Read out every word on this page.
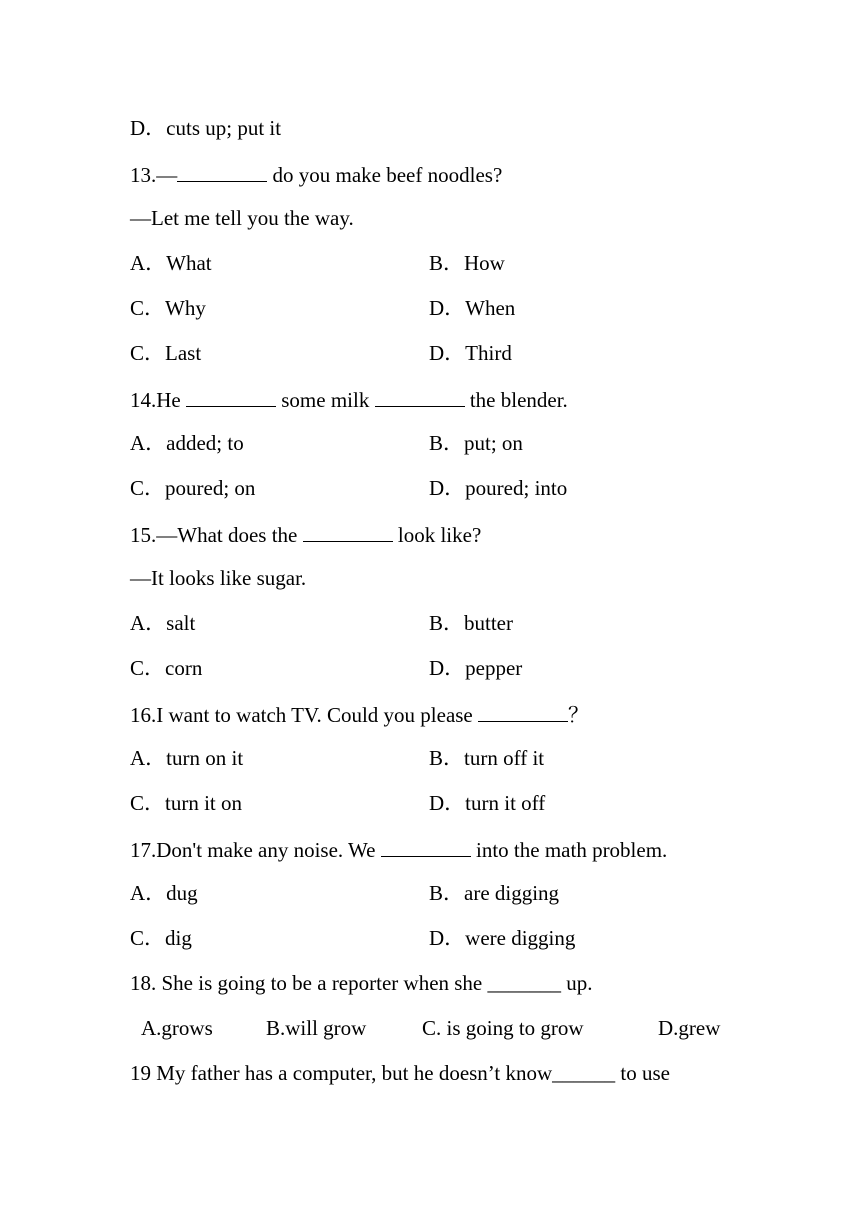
D．cuts up; put it
13.—	do you make beef noodles?
—Let me tell you the way.
A．What	B．How
C．Why	D．When
C．Last	D．Third
14.He	some milk	the blender.
A．added; to	B．put; on
C．poured; on	D．poured; into
15.—What does the	look like?
—It looks like sugar.
A．salt	B．butter
C．corn	D．pepper
16.I want to watch TV. Could you please	？
A．turn on it	B．turn off it
C．turn it on	D．turn it off
17.Don't make any noise. We	into the math problem.
A．dug	B．are digging
C．dig	D．were digging
18. She is going to be a reporter when she _______ up.
A.grows	B.will grow	C. is going to grow	D.grew
19 My father has a computer, but he doesn’t know______ to use
